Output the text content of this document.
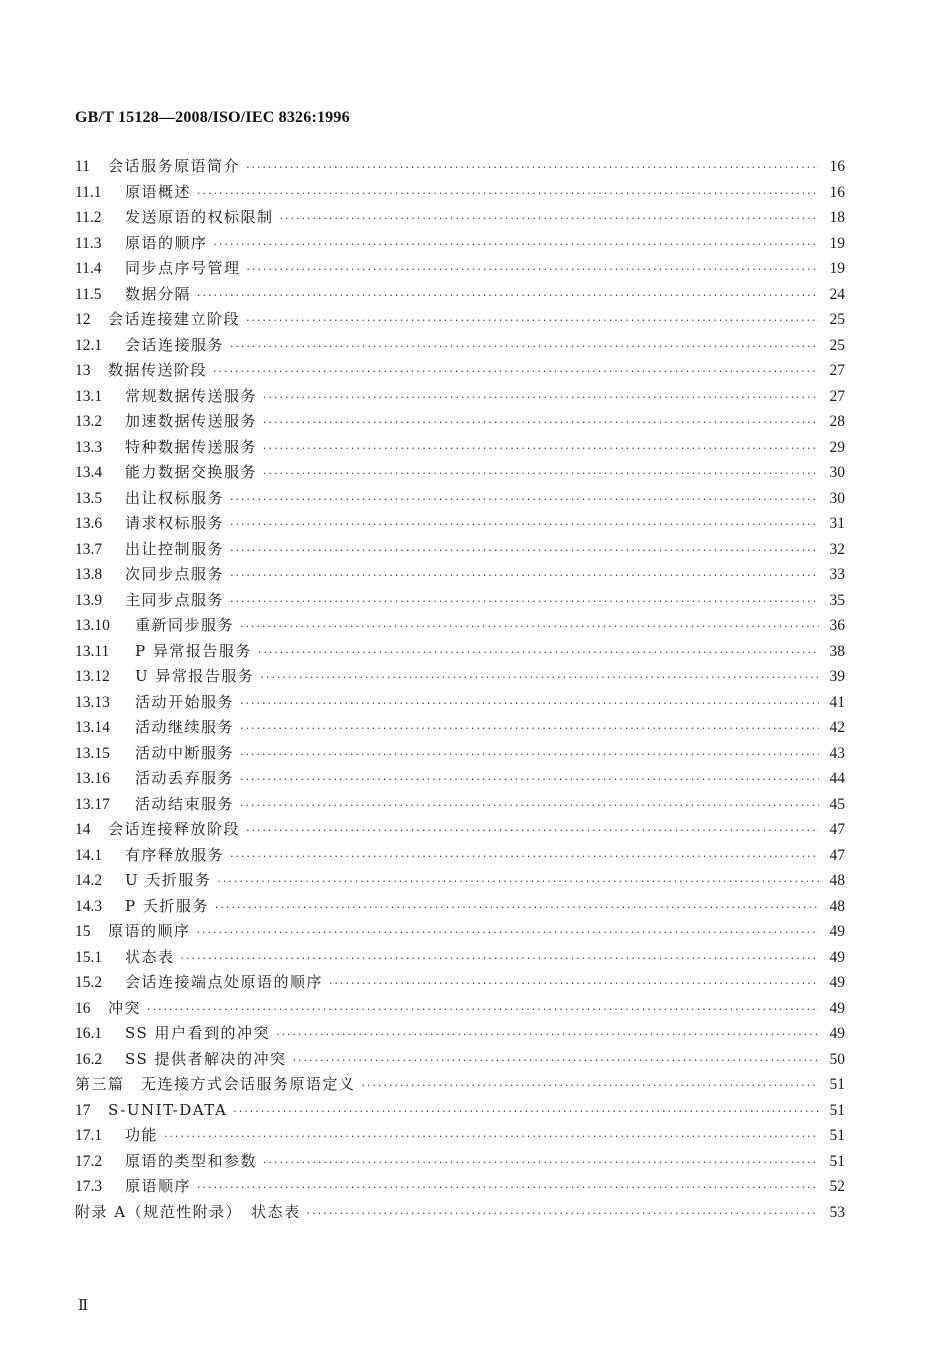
GB/T 15128—2008/ISO/IEC 8326:1996
11	会话服务原语简介 ·····	16
11.1	原语概述 ·····	16
11.2	发送原语的权标限制 ·····	18
11.3	原语的顺序 ·····	19
11.4	同步点序号管理 ·····	19
11.5	数据分隔 ·····	24
12	会话连接建立阶段 ·····	25
12.1	会话连接服务 ·····	25
13	数据传送阶段 ·····	27
13.1	常规数据传送服务 ·····	27
13.2	加速数据传送服务 ·····	28
13.3	特种数据传送服务 ·····	29
13.4	能力数据交换服务 ·····	30
13.5	出让权标服务 ·····	30
13.6	请求权标服务 ·····	31
13.7	出让控制服务 ·····	32
13.8	次同步点服务 ·····	33
13.9	主同步点服务 ·····	35
13.10	重新同步服务 ·····	36
13.11	P 异常报告服务 ·····	38
13.12	U 异常报告服务 ·····	39
13.13	活动开始服务 ·····	41
13.14	活动继续服务 ·····	42
13.15	活动中断服务 ·····	43
13.16	活动丢弃服务 ·····	44
13.17	活动结束服务 ·····	45
14	会话连接释放阶段 ·····	47
14.1	有序释放服务 ·····	47
14.2	U 夭折服务 ·····	48
14.3	P 夭折服务 ·····	48
15	原语的顺序 ·····	49
15.1	状态表 ·····	49
15.2	会话连接端点处原语的顺序 ·····	49
16	冲突 ·····	49
16.1	SS 用户看到的冲突 ·····	49
16.2	SS 提供者解决的冲突 ·····	50
第三篇　无连接方式会话服务原语定义 ·····	51
17	S-UNIT-DATA ·····	51
17.1	功能 ·····	51
17.2	原语的类型和参数 ·····	51
17.3	原语顺序 ·····	52
附录 A（规范性附录）　状态表 ·····	53
Ⅱ
